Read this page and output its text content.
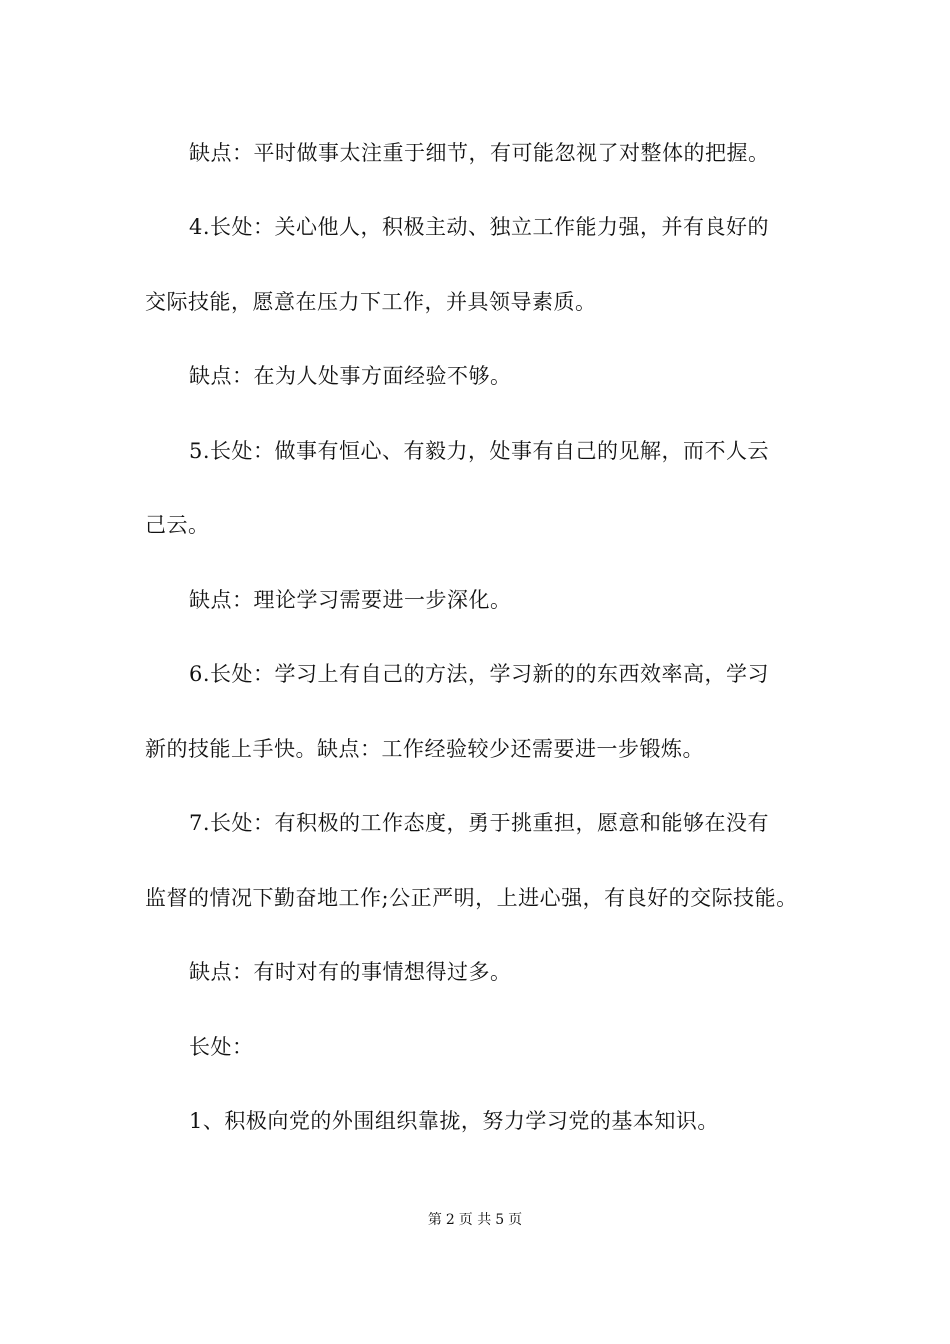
缺点：平时做事太注重于细节，有可能忽视了对整体的把握。
4.长处：关心他人，积极主动、独立工作能力强，并有良好的
交际技能，愿意在压力下工作，并具领导素质。
缺点：在为人处事方面经验不够。
5.长处：做事有恒心、有毅力，处事有自己的见解，而不人云
己云。
缺点：理论学习需要进一步深化。
6.长处：学习上有自己的方法，学习新的的东西效率高，学习
新的技能上手快。缺点：工作经验较少还需要进一步锻炼。
7.长处：有积极的工作态度，勇于挑重担，愿意和能够在没有
监督的情况下勤奋地工作;公正严明，上进心强，有良好的交际技能。
缺点：有时对有的事情想得过多。
长处：
1、积极向党的外围组织靠拢，努力学习党的基本知识。
第 2 页 共 5 页
